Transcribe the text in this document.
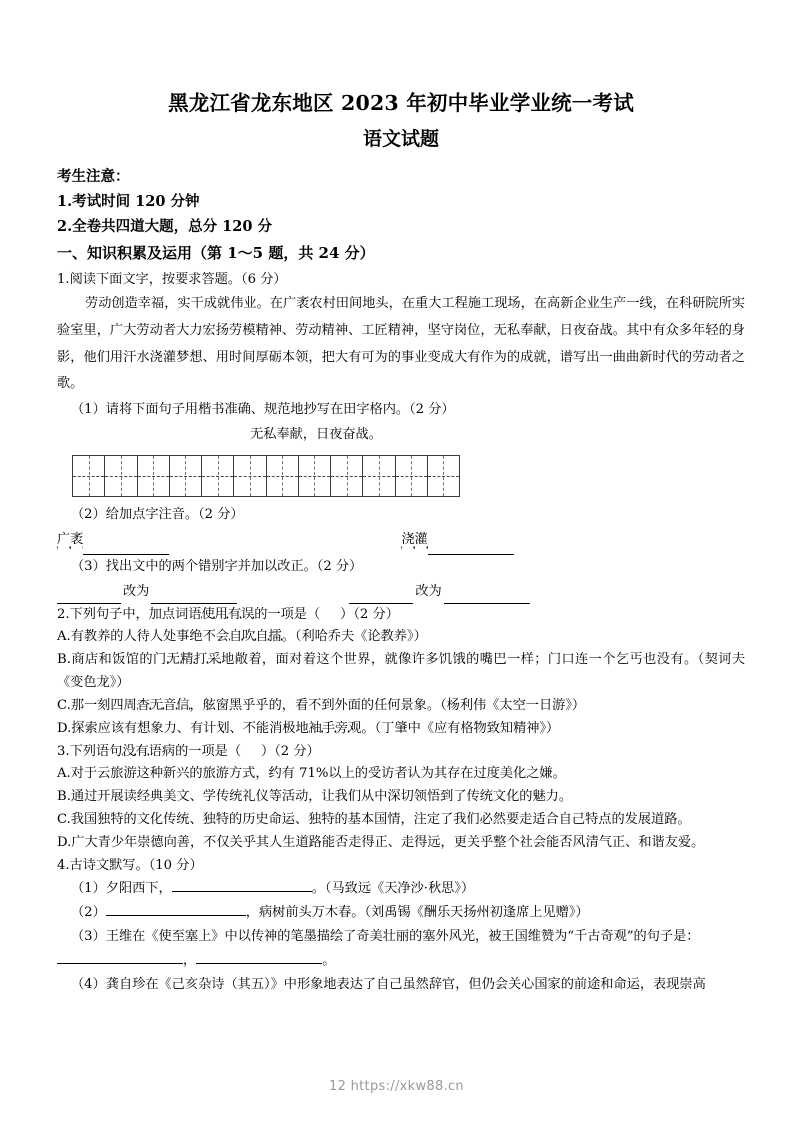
黑龙江省龙东地区 2023 年初中毕业学业统一考试
语文试题

考生注意：

1.考试时间 120 分钟

2.全卷共四道大题，总分 120 分

一、知识积累及运用（第 1～5 题，共 24 分）

1.阅读下面文字，按要求答题。（6 分）

劳动创造幸福，实干成就伟业。在广袤农村田间地头，在重大工程施工现场，在高新企业生产一线，在科研院所实验室里，广大劳动者大力宏扬劳模精神、劳动精神、工匠精神，坚守岗位，无私奉献，日夜奋战。其中有众多年轻的身影，他们用汗水浇灌梦想、用时间厚砺本领，把大有可为的事业变成大有作为的成就，谱写出一曲曲新时代的劳动者之歌。

（1）请将下面句子用楷书准确、规范地抄写在田字格内。（2 分）

无私奉献，日夜奋战。

（2）给加点字注音。（2 分）

广袤	浇灌

（3）找出文中的两个错别字并加以改正。（2 分）

改为	改为

2.下列句子中，加点词语使用有误的一项是（ ）（2 分）

A.有教养的人待人处事绝不会自吹自擂。（利哈乔夫《论教养》）

B.商店和饭馆的门无精打采地敞着，面对着这个世界，就像许多饥饿的嘴巴一样；门口连一个乞丐也没有。（契诃夫《变色龙》）

C.那一刻四周杳无音信，舷窗黑乎乎的，看不到外面的任何景象。（杨利伟《太空一日游》）

D.探索应该有想象力、有计划、不能消极地袖手旁观。（丁肇中《应有格物致知精神》）

3.下列语句没有语病的一项是（ ）（2 分）

A.对于云旅游这种新兴的旅游方式，约有 71%以上的受访者认为其存在过度美化之嫌。

B.通过开展读经典美文、学传统礼仪等活动，让我们从中深切领悟到了传统文化的魅力。

C.我国独特的文化传统、独特的历史命运、独特的基本国情，注定了我们必然要走适合自己特点的发展道路。

D.广大青少年崇德向善，不仅关乎其人生道路能否走得正、走得远，更关乎整个社会能否风清气正、和谐友爱。

4.古诗文默写。（10 分）

（1）夕阳西下，	。（马致远《天净沙·秋思》）

（2）	，病树前头万木春。（刘禹锡《酬乐天扬州初逢席上见赠》）

（3）王维在《使至塞上》中以传神的笔墨描绘了奇美壮丽的塞外风光，被王国维赞为“千古奇观”的句子是：

，	。

（4）龚自珍在《己亥杂诗（其五）》中形象地表达了自己虽然辞官，但仍会关心国家的前途和命运，表现崇高

12 https://xkw88.cn
